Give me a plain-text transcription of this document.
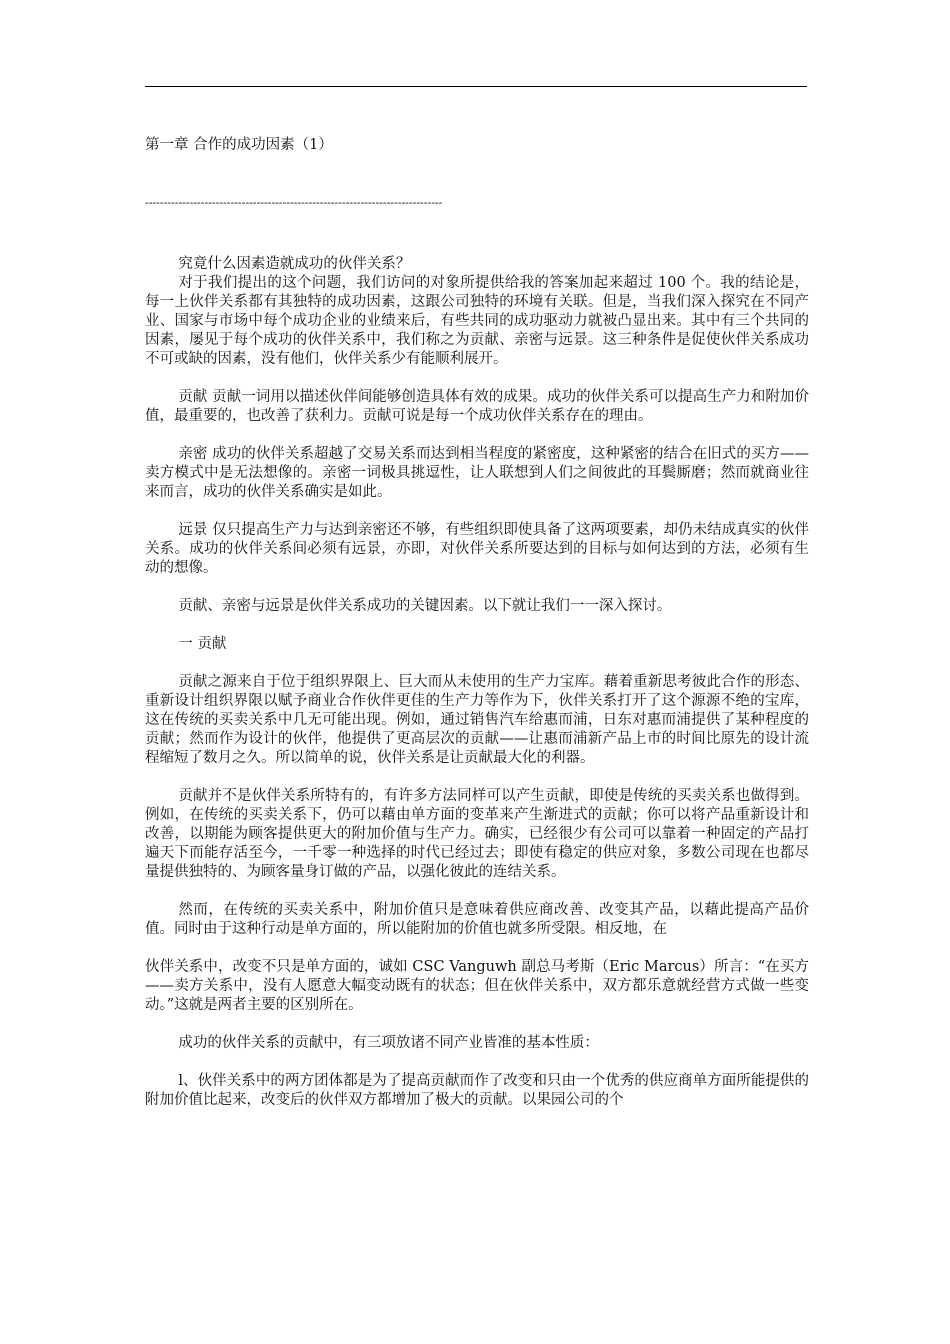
第一章 合作的成功因素（1）
--------------------------------------------------------------------------------

究竟什么因素造就成功的伙伴关系？

对于我们提出的这个问题，我们访问的对象所提供给我的答案加起来超过 100 个。我的结论是，每一上伙伴关系都有其独特的成功因素，这跟公司独特的环境有关联。但是，当我们深入探究在不同产业、国家与市场中每个成功企业的业绩来后，有些共同的成功驱动力就被凸显出来。其中有三个共同的因素，屡见于每个成功的伙伴关系中，我们称之为贡献、亲密与远景。这三种条件是促使伙伴关系成功不可或缺的因素，没有他们，伙伴关系少有能顺利展开。

贡献 贡献一词用以描述伙伴间能够创造具体有效的成果。成功的伙伴关系可以提高生产力和附加价值，最重要的，也改善了获利力。贡献可说是每一个成功伙伴关系存在的理由。

亲密 成功的伙伴关系超越了交易关系而达到相当程度的紧密度，这种紧密的结合在旧式的买方——卖方模式中是无法想像的。亲密一词极具挑逗性，让人联想到人们之间彼此的耳鬓厮磨；然而就商业往来而言，成功的伙伴关系确实是如此。

远景 仅只提高生产力与达到亲密还不够，有些组织即使具备了这两项要素，却仍未结成真实的伙伴关系。成功的伙伴关系间必须有远景，亦即，对伙伴关系所要达到的目标与如何达到的方法，必须有生动的想像。

贡献、亲密与远景是伙伴关系成功的关键因素。以下就让我们一一深入探讨。

一 贡献

贡献之源来自于位于组织界限上、巨大而从未使用的生产力宝库。藉着重新思考彼此合作的形态、重新设计组织界限以赋予商业合作伙伴更佳的生产力等作为下，伙伴关系打开了这个源源不绝的宝库，这在传统的买卖关系中几无可能出现。例如，通过销售汽车给惠而浦，日东对惠而浦提供了某种程度的贡献；然而作为设计的伙伴，他提供了更高层次的贡献——让惠而浦新产品上市的时间比原先的设计流程缩短了数月之久。所以简单的说，伙伴关系是让贡献最大化的利器。

贡献并不是伙伴关系所特有的，有许多方法同样可以产生贡献，即使是传统的买卖关系也做得到。例如，在传统的买卖关系下，仍可以藉由单方面的变革来产生渐进式的贡献；你可以将产品重新设计和改善，以期能为顾客提供更大的附加价值与生产力。确实，已经很少有公司可以靠着一种固定的产品打遍天下而能存活至今，一千零一种选择的时代已经过去；即使有稳定的供应对象，多数公司现在也都尽量提供独特的、为顾客量身订做的产品，以强化彼此的连结关系。

然而，在传统的买卖关系中，附加价值只是意味着供应商改善、改变其产品，以藉此提高产品价值。同时由于这种行动是单方面的，所以能附加的价值也就多所受限。相反地，在

伙伴关系中，改变不只是单方面的，诚如 CSC Vanguwh 副总马考斯（Eric Marcus）所言：“在买方——卖方关系中，没有人愿意大幅变动既有的状态；但在伙伴关系中，双方都乐意就经营方式做一些变动。”这就是两者主要的区别所在。

成功的伙伴关系的贡献中，有三项放诸不同产业皆准的基本性质：

l、伙伴关系中的两方团体都是为了提高贡献而作了改变和只由一个优秀的供应商单方面所能提供的附加价值比起来，改变后的伙伴双方都增加了极大的贡献。以果园公司的个
